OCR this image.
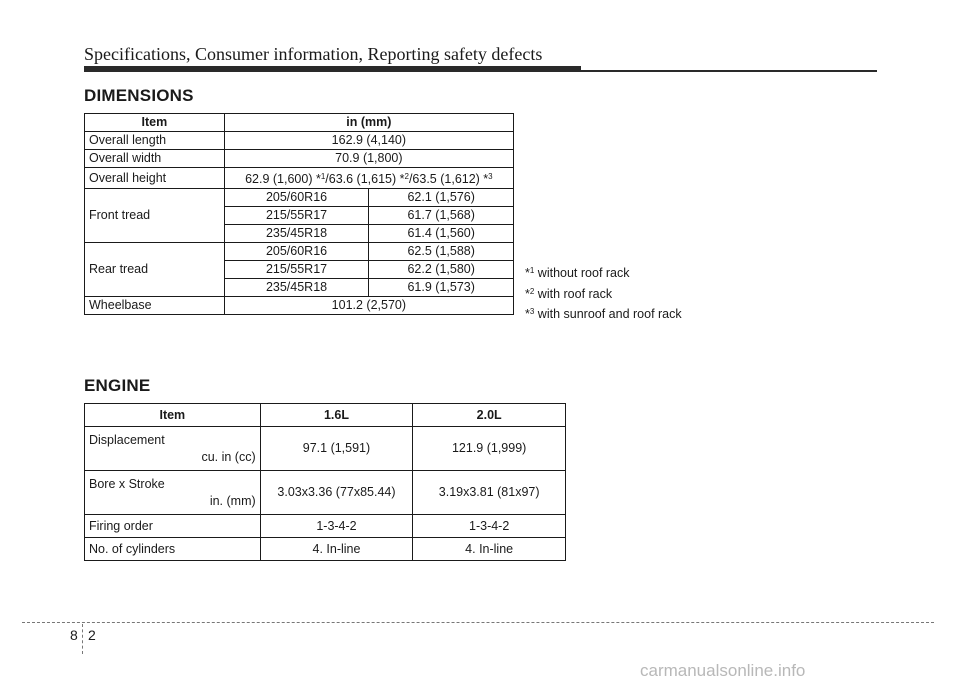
Specifications, Consumer information, Reporting safety defects
DIMENSIONS
Item	in (mm)	
Overall length	162.9 (4,140)	
Overall width	70.9 (1,800)	
Overall height	62.9 (1,600) *$^1$/63.6 (1,615) *$^2$/63.5 (1,612) *$^3$
Front tread	205/60R16	62.1 (1,576)
	215/55R17	61.7 (1,568)
	235/45R18	61.4 (1,560)
Rear tread	205/60R16	62.5 (1,588)
	215/55R17	62.2 (1,580)
	235/45R18	61.9 (1,573)
Wheelbase	101.2 (2,570)	
*$^1$ without roof rack
*$^2$ with roof rack
*$^3$ with sunroof and roof rack
ENGINE
Item	1.6L	2.0L
Displacement
cu. in (cc)	97.1 (1,591)	121.9 (1,999)
Bore x Stroke
in. (mm)	3.03x3.36 (77x85.44)	3.19x3.81 (81x97)
Firing order	1-3-4-2	1-3-4-2
No. of cylinders	4. In-line	4. In-line
8 2
carmanualsonline.info
